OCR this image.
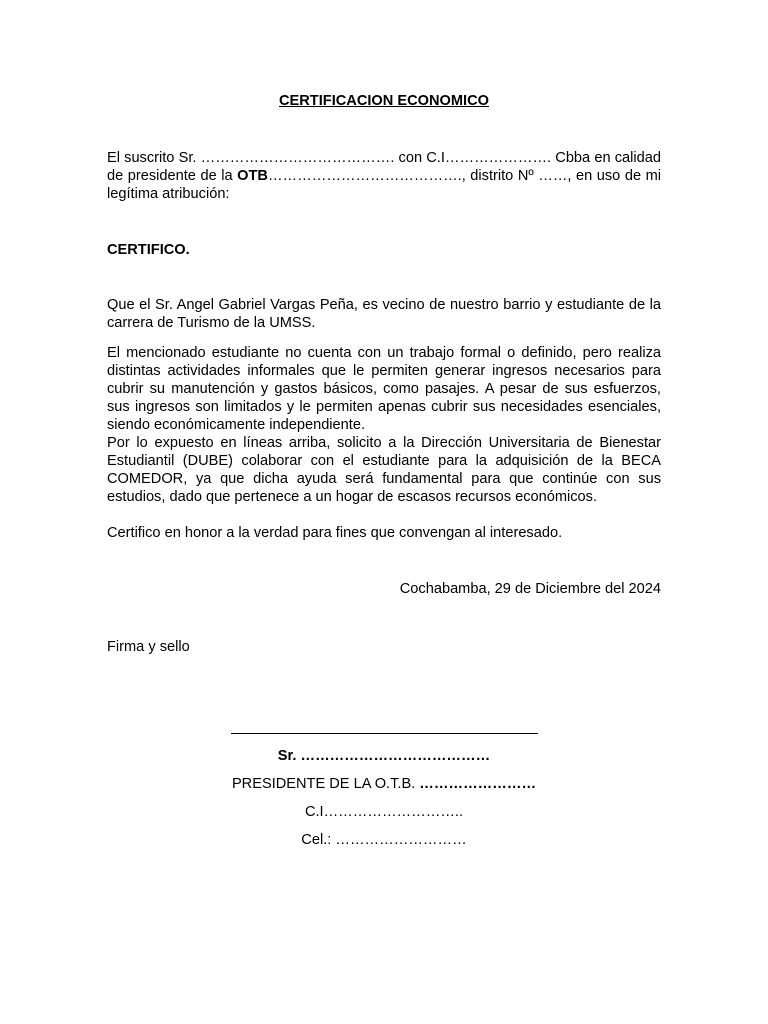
CERTIFICACION ECONOMICO

El suscrito Sr. …………………………………. con C.I…………………. Cbba en calidad de presidente de la OTB…………………………………., distrito Nº ……, en uso de mi legítima atribución:

CERTIFICO.

Que el Sr. Angel Gabriel Vargas Peña, es vecino de nuestro barrio y estudiante de la carrera de Turismo de la UMSS.

El mencionado estudiante no cuenta con un trabajo formal o definido, pero realiza distintas actividades informales que le permiten generar ingresos necesarios para cubrir su manutención y gastos básicos, como pasajes. A pesar de sus esfuerzos, sus ingresos son limitados y le permiten apenas cubrir sus necesidades esenciales, siendo económicamente independiente.

Por lo expuesto en líneas arriba, solicito a la Dirección Universitaria de Bienestar Estudiantil (DUBE) colaborar con el estudiante para la adquisición de la BECA COMEDOR, ya que dicha ayuda será fundamental para que continúe con sus estudios, dado que pertenece a un hogar de escasos recursos económicos.

Certifico en honor a la verdad para fines que convengan al interesado.

Cochabamba, 29 de Diciembre del 2024
Firma y sello
Sr. …………………………………
PRESIDENTE DE LA O.T.B. ……………………
C.I………………………..
Cel.: ………………………
